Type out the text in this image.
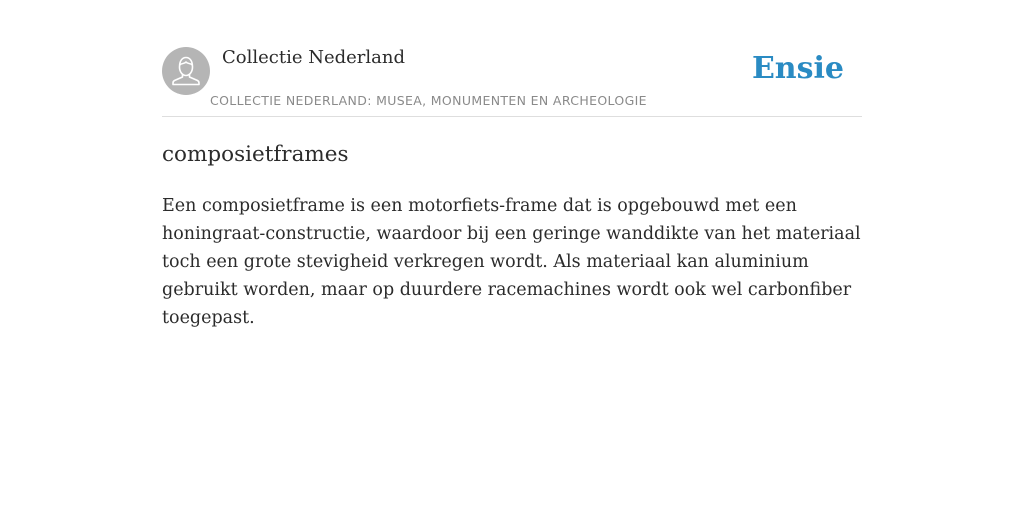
Collectie Nederland
COLLECTIE NEDERLAND: MUSEA, MONUMENTEN EN ARCHEOLOGIE
Ensie
composietframes

Een composietframe is een motorfiets-frame dat is opgebouwd met een honingraat-constructie, waardoor bij een geringe wanddikte van het materiaal toch een grote stevigheid verkregen wordt. Als materiaal kan aluminium gebruikt worden, maar op duurdere racemachines wordt ook wel carbonfiber toegepast.
